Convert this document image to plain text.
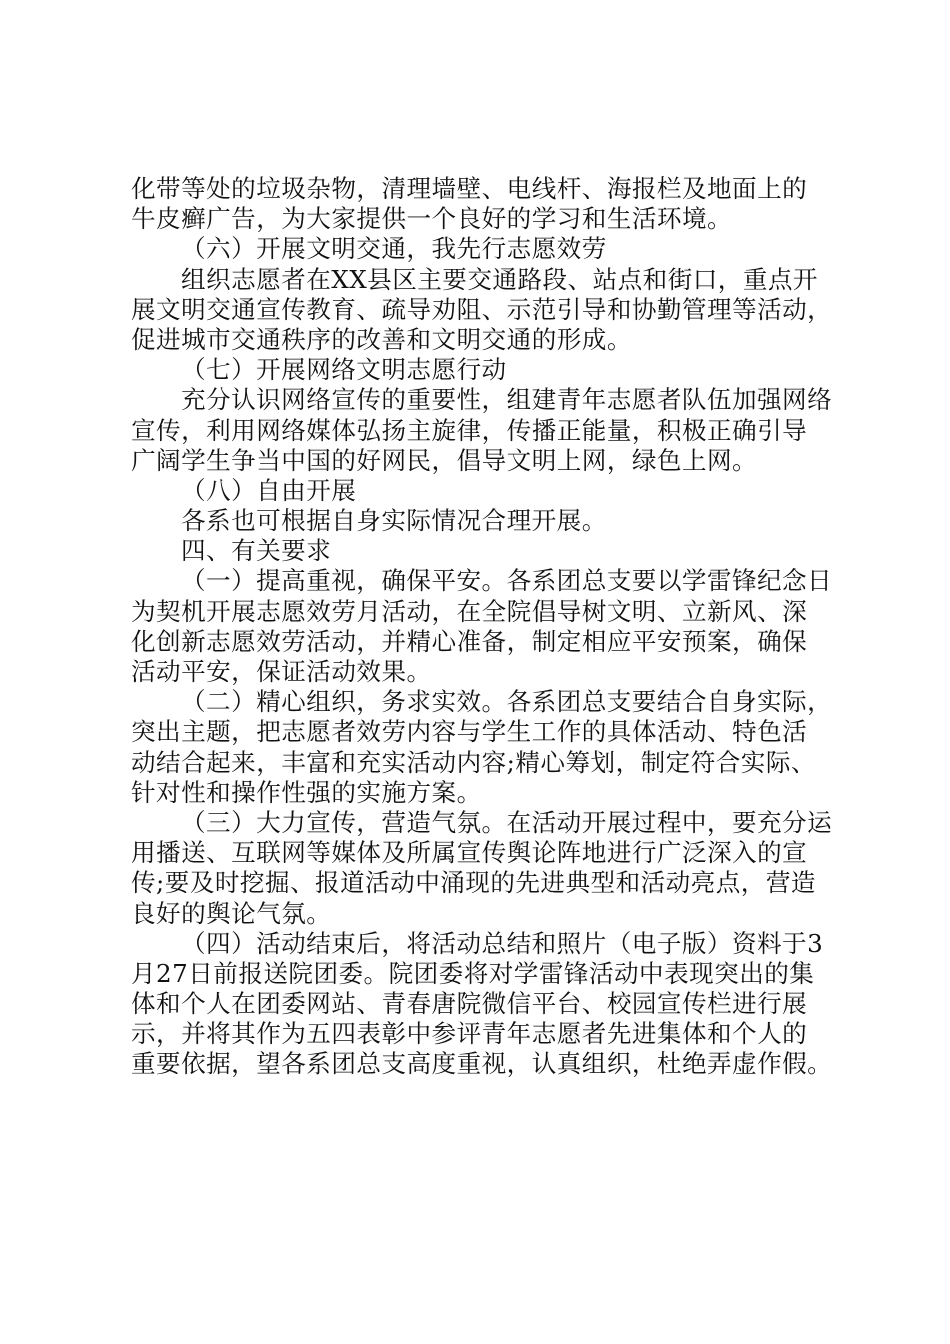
化带等处的垃圾杂物，清理墙壁、电线杆、海报栏及地面上的
牛皮癣广告，为大家提供一个良好的学习和生活环境。
（六）开展文明交通，我先行志愿效劳
组织志愿者在XX县区主要交通路段、站点和街口，重点开
展文明交通宣传教育、疏导劝阻、示范引导和协勤管理等活动，
促进城市交通秩序的改善和文明交通的形成。
（七）开展网络文明志愿行动
充分认识网络宣传的重要性，组建青年志愿者队伍加强网络
宣传，利用网络媒体弘扬主旋律，传播正能量，积极正确引导
广阔学生争当中国的好网民，倡导文明上网，绿色上网。
（八）自由开展
各系也可根据自身实际情况合理开展。
四、有关要求
（一）提高重视，确保平安。各系团总支要以学雷锋纪念日
为契机开展志愿效劳月活动，在全院倡导树文明、立新风、深
化创新志愿效劳活动，并精心准备，制定相应平安预案，确保
活动平安，保证活动效果。
（二）精心组织，务求实效。各系团总支要结合自身实际，
突出主题，把志愿者效劳内容与学生工作的具体活动、特色活
动结合起来，丰富和充实活动内容;精心筹划，制定符合实际、
针对性和操作性强的实施方案。
（三）大力宣传，营造气氛。在活动开展过程中，要充分运
用播送、互联网等媒体及所属宣传舆论阵地进行广泛深入的宣
传;要及时挖掘、报道活动中涌现的先进典型和活动亮点，营造
良好的舆论气氛。
（四）活动结束后，将活动总结和照片（电子版）资料于3
月27日前报送院团委。院团委将对学雷锋活动中表现突出的集
体和个人在团委网站、青春唐院微信平台、校园宣传栏进行展
示，并将其作为五四表彰中参评青年志愿者先进集体和个人的
重要依据，望各系团总支高度重视，认真组织，杜绝弄虚作假。
